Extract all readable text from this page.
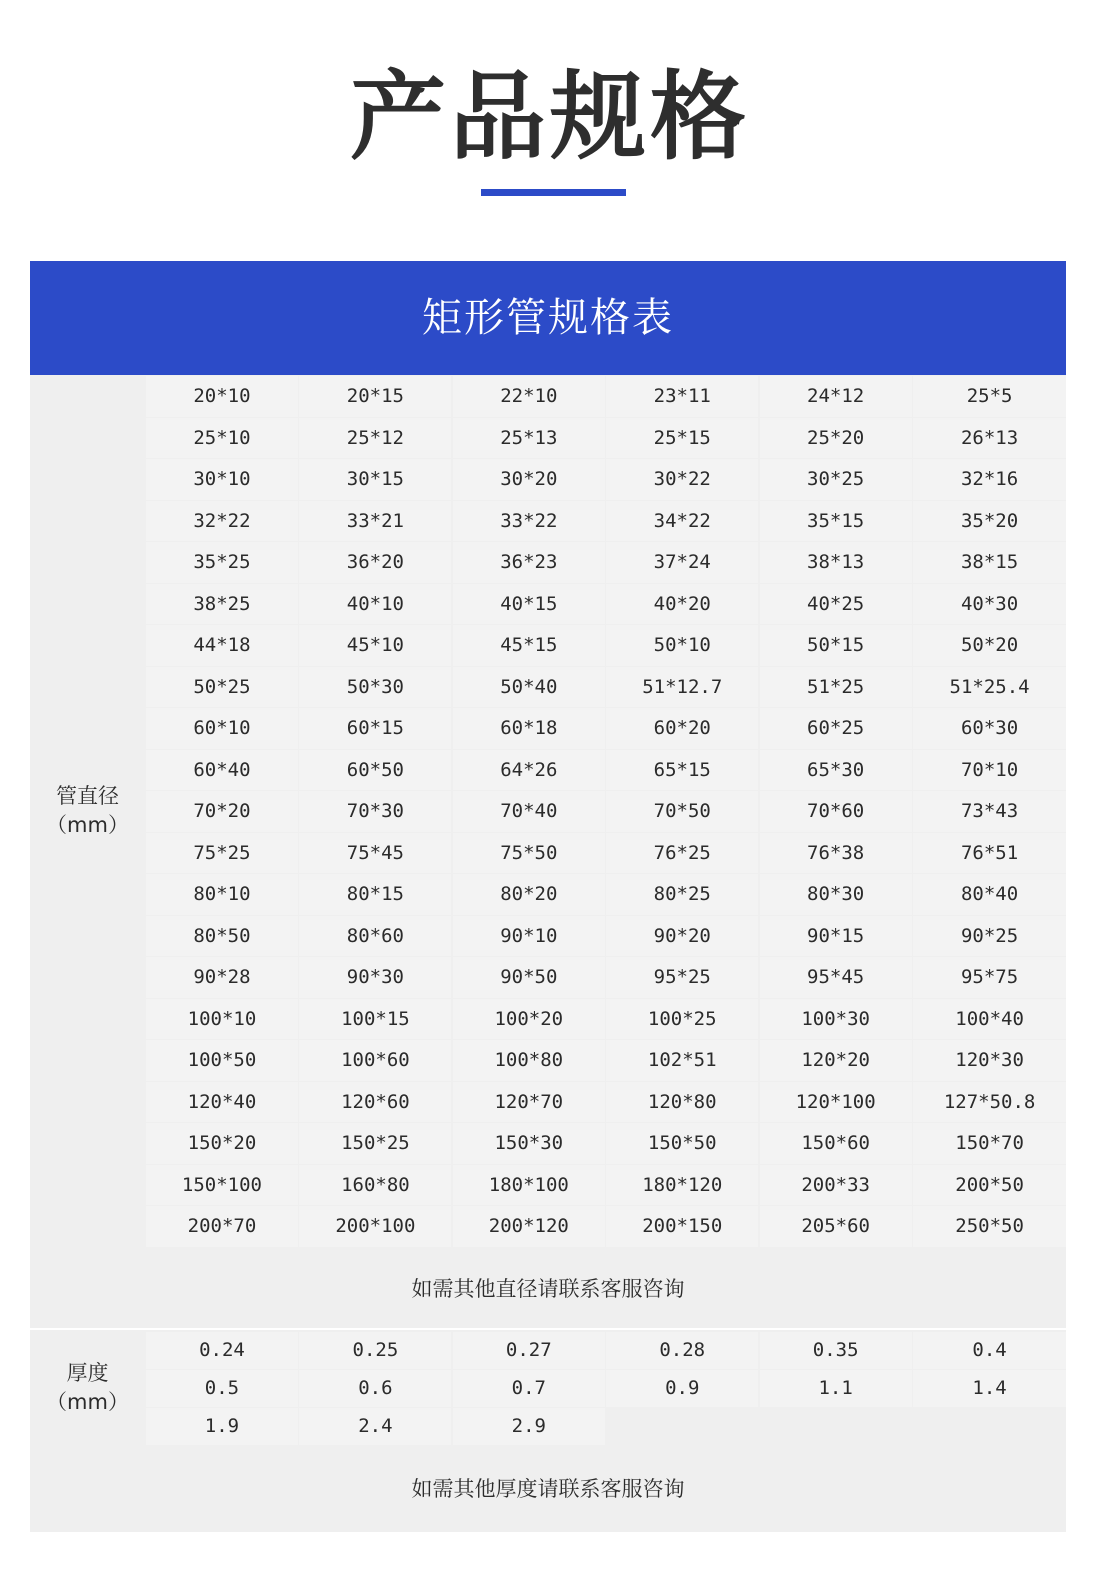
产品规格
矩形管规格表
管直径
（mm）
20*10	20*15	22*10	23*11	24*12	25*5
25*10	25*12	25*13	25*15	25*20	26*13
30*10	30*15	30*20	30*22	30*25	32*16
32*22	33*21	33*22	34*22	35*15	35*20
35*25	36*20	36*23	37*24	38*13	38*15
38*25	40*10	40*15	40*20	40*25	40*30
44*18	45*10	45*15	50*10	50*15	50*20
50*25	50*30	50*40	51*12.7	51*25	51*25.4
60*10	60*15	60*18	60*20	60*25	60*30
60*40	60*50	64*26	65*15	65*30	70*10
70*20	70*30	70*40	70*50	70*60	73*43
75*25	75*45	75*50	76*25	76*38	76*51
80*10	80*15	80*20	80*25	80*30	80*40
80*50	80*60	90*10	90*20	90*15	90*25
90*28	90*30	90*50	95*25	95*45	95*75
100*10	100*15	100*20	100*25	100*30	100*40
100*50	100*60	100*80	102*51	120*20	120*30
120*40	120*60	120*70	120*80	120*100	127*50.8
150*20	150*25	150*30	150*50	150*60	150*70
150*100	160*80	180*100	180*120	200*33	200*50
200*70	200*100	200*120	200*150	205*60	250*50
如需其他直径请联系客服咨询
厚度
（mm）
0.24	0.25	0.27	0.28	0.35	0.4
0.5	0.6	0.7	0.9	1.1	1.4
1.9	2.4	2.9
如需其他厚度请联系客服咨询
